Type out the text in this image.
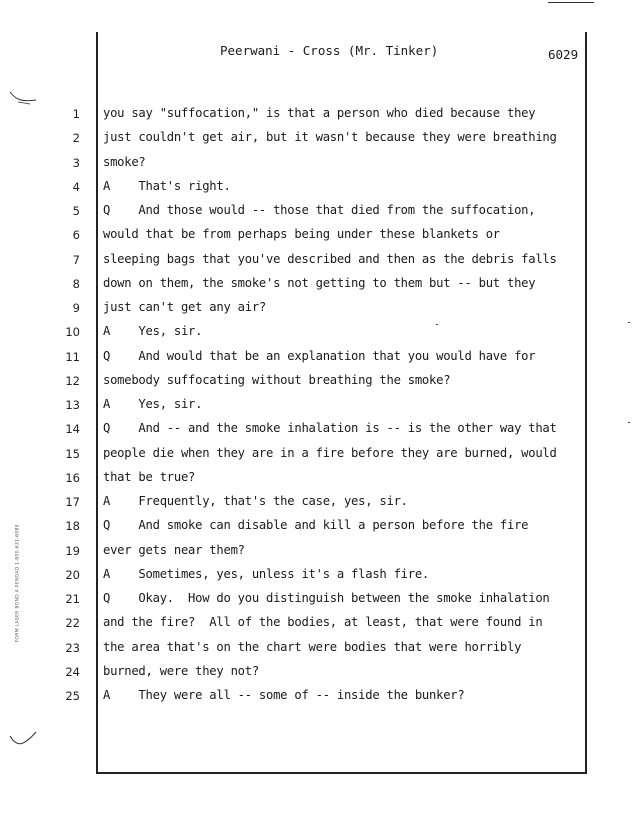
Peerwani - Cross (Mr. Tinker)	6029
1 you say "suffocation," is that a person who died because they
2 just couldn't get air, but it wasn't because they were breathing
3 smoke?
4 A    That's right.
5 Q    And those would -- those that died from the suffocation,
6 would that be from perhaps being under these blankets or
7 sleeping bags that you've described and then as the debris falls
8 down on them, the smoke's not getting to them but -- but they
9 just can't get any air?
10 A    Yes, sir.
11 Q    And would that be an explanation that you would have for
12 somebody suffocating without breathing the smoke?
13 A    Yes, sir.
14 Q    And -- and the smoke inhalation is -- is the other way that
15 people die when they are in a fire before they are burned, would
16 that be true?
17 A    Frequently, that's the case, yes, sir.
18 Q    And smoke can disable and kill a person before the fire
19 ever gets near them?
20 A    Sometimes, yes, unless it's a flash fire.
21 Q    Okay.  How do you distinguish between the smoke inhalation
22 and the fire?  All of the bodies, at least, that were found in
23 the area that's on the chart were bodies that were horribly
24 burned, were they not?
25 A    They were all -- some of -- inside the bunker?
FORM LASER BOND A PENGAD 1-800-631-6989
